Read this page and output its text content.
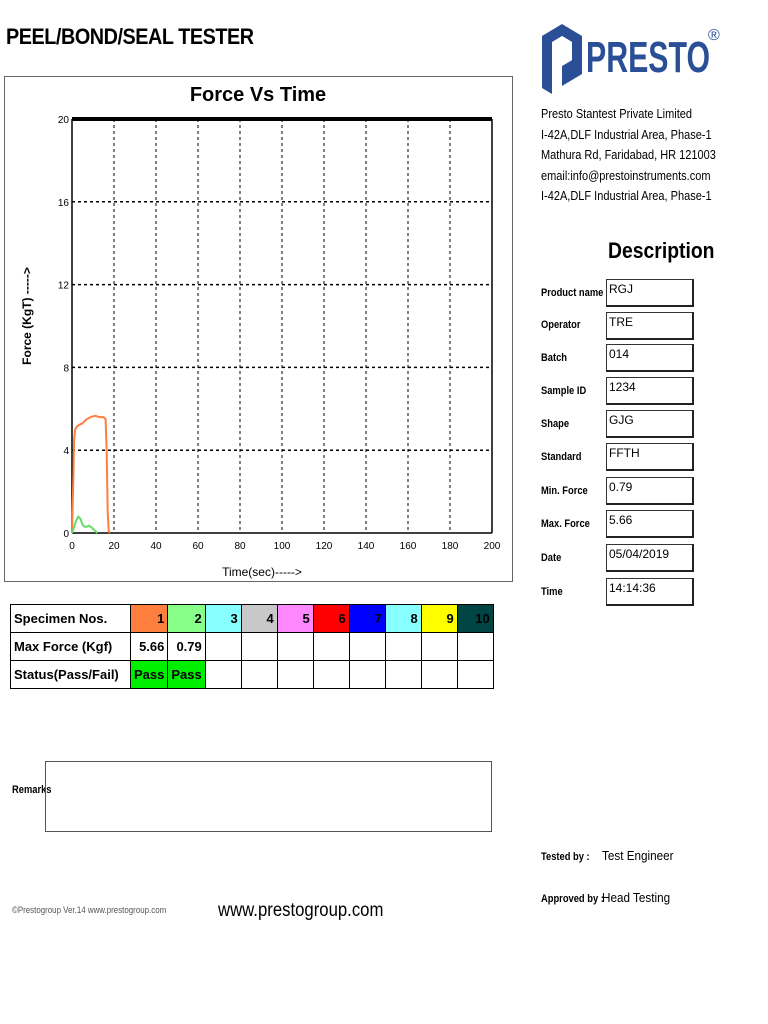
PEEL/BOND/SEAL TESTER	PRESTO
®
Presto Stantest Private Limited
I-42A,DLF Industrial Area, Phase-1
Mathura Rd, Faridabad, HR 121003
email:info@prestoinstruments.com
I-42A,DLF Industrial Area, Phase-1
Description
Product name RGJ
Operator TRE
Batch	014
Sample ID 1234
Shape	GJG
Standard FFTH
Min. Force 0.79
Max. Force 5.66
Date	05/04/2019
Time	14:14:36
Force Vs Time
0	20	40	60	80	100	120	140	160	180	200
0
4
8
12
16
20
Time(sec)----->
Force (KgT) ----->
Specimen Nos.	1	2	3	4	5	6	7	8	9	10
Max Force (Kgf)	5.66	0.79								
Status(Pass/Fail)	Pass	Pass								
Remarks
Tested by : Test Engineer
Approved by :
Head Testing
©Prestogroup Ver.14 www.prestogroup.com	www.prestogroup.com
